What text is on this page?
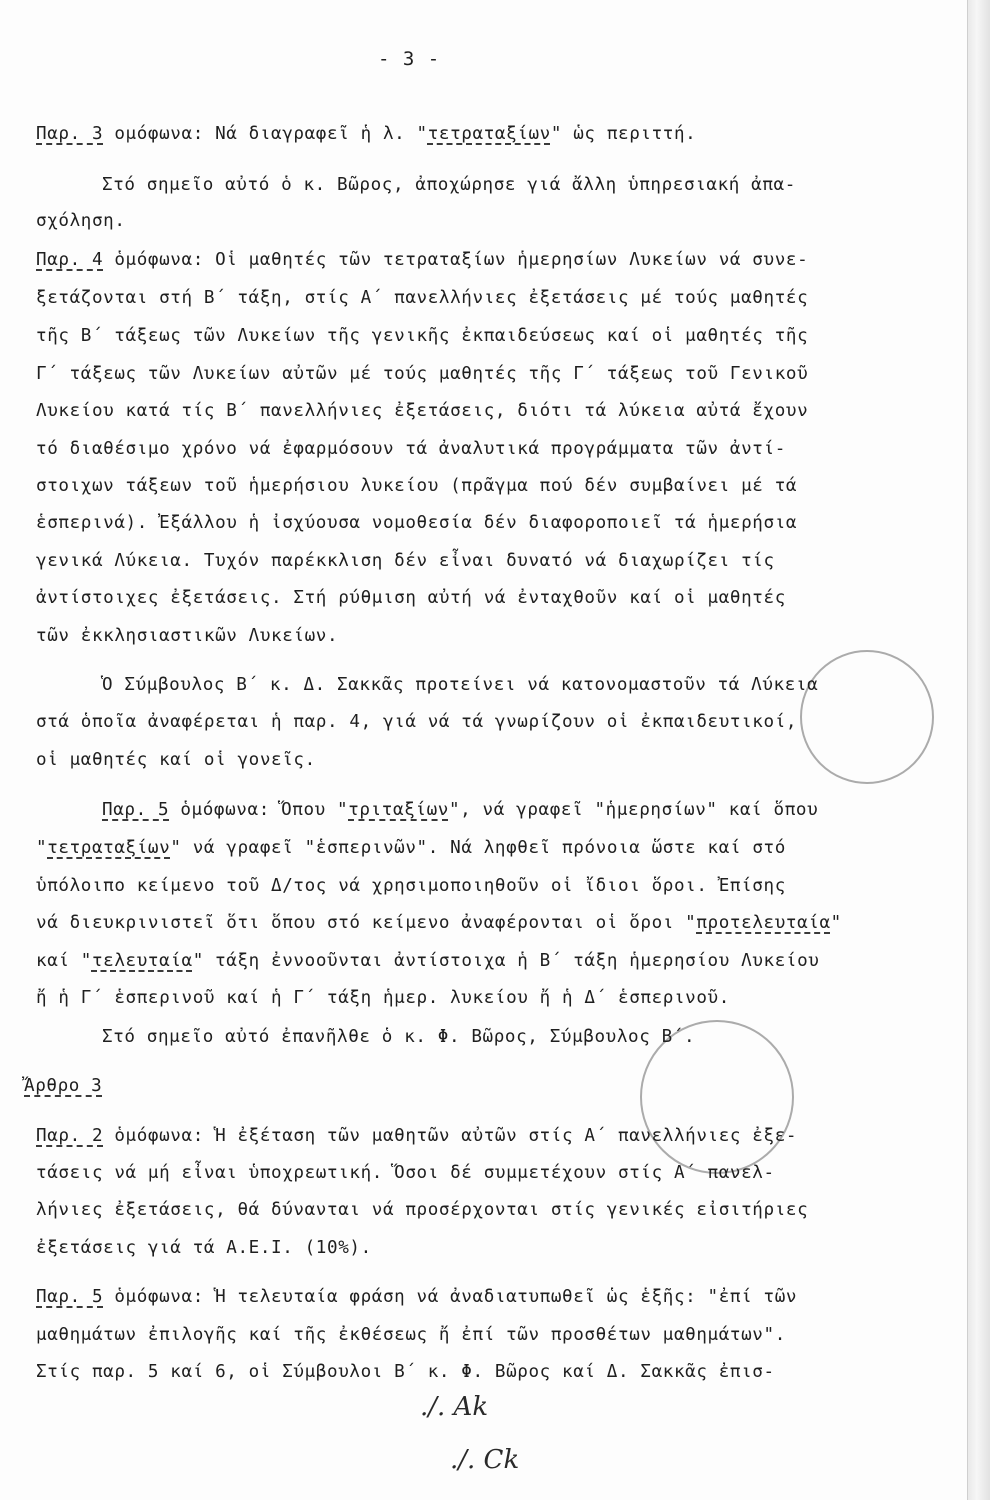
- 3 -
Παρ. 3 ομόφωνα: Νά διαγραφεῖ ἡ λ. "τετραταξίων" ὡς περιττή.
Στό σημεῖο αὐτό ὁ κ. Βῶρος, ἀποχώρησε γιά ἄλλη ὑπηρεσιακή ἀπα-
σχόληση.
Παρ. 4 ὁμόφωνα: Οἱ μαθητές τῶν τετραταξίων ἡμερησίων Λυκείων νά συνε-
ξετάζονται στή Β΄ τάξη, στίς Α΄ πανελλήνιες ἐξετάσεις μέ τούς μαθητές
τῆς Β΄ τάξεως τῶν Λυκείων τῆς γενικῆς ἐκπαιδεύσεως καί οἱ μαθητές τῆς
Γ΄ τάξεως τῶν Λυκείων αὐτῶν μέ τούς μαθητές τῆς Γ΄ τάξεως τοῦ Γενικοῦ
Λυκείου κατά τίς Β΄ πανελλήνιες ἐξετάσεις, διότι τά λύκεια αὐτά ἔχουν
τό διαθέσιμο χρόνο νά ἐφαρμόσουν τά ἀναλυτικά προγράμματα τῶν ἀντί-
στοιχων τάξεων τοῦ ἡμερήσιου λυκείου (πρᾶγμα πού δέν συμβαίνει μέ τά
ἑσπερινά). Ἐξάλλου ἡ ἰσχύουσα νομοθεσία δέν διαφοροποιεῖ τά ἡμερήσια
γενικά Λύκεια. Τυχόν παρέκκλιση δέν εἶναι δυνατό νά διαχωρίζει τίς
ἀντίστοιχες ἐξετάσεις. Στή ρύθμιση αὐτή νά ἐνταχθοῦν καί οἱ μαθητές
τῶν ἐκκλησιαστικῶν Λυκείων.
Ὁ Σύμβουλος Β΄ κ. Δ. Σακκᾶς προτείνει νά κατονομαστοῦν τά Λύκεια
στά ὁποῖα ἀναφέρεται ἡ παρ. 4, γιά νά τά γνωρίζουν οἱ ἐκπαιδευτικοί,
οἱ μαθητές καί οἱ γονεῖς.
Παρ. 5 ὁμόφωνα: Ὅπου "τριταξίων", νά γραφεῖ "ἡμερησίων" καί ὅπου
"τετραταξίων" νά γραφεῖ "ἑσπερινῶν". Νά ληφθεῖ πρόνοια ὥστε καί στό
ὑπόλοιπο κείμενο τοῦ Δ/τος νά χρησιμοποιηθοῦν οἱ ἴδιοι ὅροι. Ἐπίσης
νά διευκρινιστεῖ ὅτι ὅπου στό κείμενο ἀναφέρονται οἱ ὅροι "προτελευταία"
καί "τελευταία" τάξη ἐννοοῦνται ἀντίστοιχα ἡ Β΄ τάξη ἡμερησίου Λυκείου
ἤ ἡ Γ΄ ἑσπερινοῦ καί ἡ Γ΄ τάξη ἡμερ. λυκείου ἤ ἡ Δ΄ ἑσπερινοῦ.
Στό σημεῖο αὐτό ἐπανῆλθε ὁ κ. Φ. Βῶρος, Σύμβουλος Β΄.
Ἄρθρο 3
Παρ. 2 ὁμόφωνα: Ἡ ἐξέταση τῶν μαθητῶν αὐτῶν στίς Α΄ πανελλήνιες ἐξε-
τάσεις νά μή εἶναι ὑποχρεωτική. Ὅσοι δέ συμμετέχουν στίς Α΄ πανελ-
λήνιες ἐξετάσεις, θά δύνανται νά προσέρχονται στίς γενικές εἰσιτήριες
ἐξετάσεις γιά τά Α.Ε.Ι. (10%).
Παρ. 5 ὁμόφωνα: Ἡ τελευταία φράση νά ἀναδιατυπωθεῖ ὡς ἑξῆς: "ἐπί τῶν
μαθημάτων ἐπιλογῆς καί τῆς ἐκθέσεως ἤ ἐπί τῶν προσθέτων μαθημάτων".
Στίς παρ. 5 καί 6, οἱ Σύμβουλοι Β΄ κ. Φ. Βῶρος καί Δ. Σακκᾶς ἐπισ-
./. Ak
./. Ck
